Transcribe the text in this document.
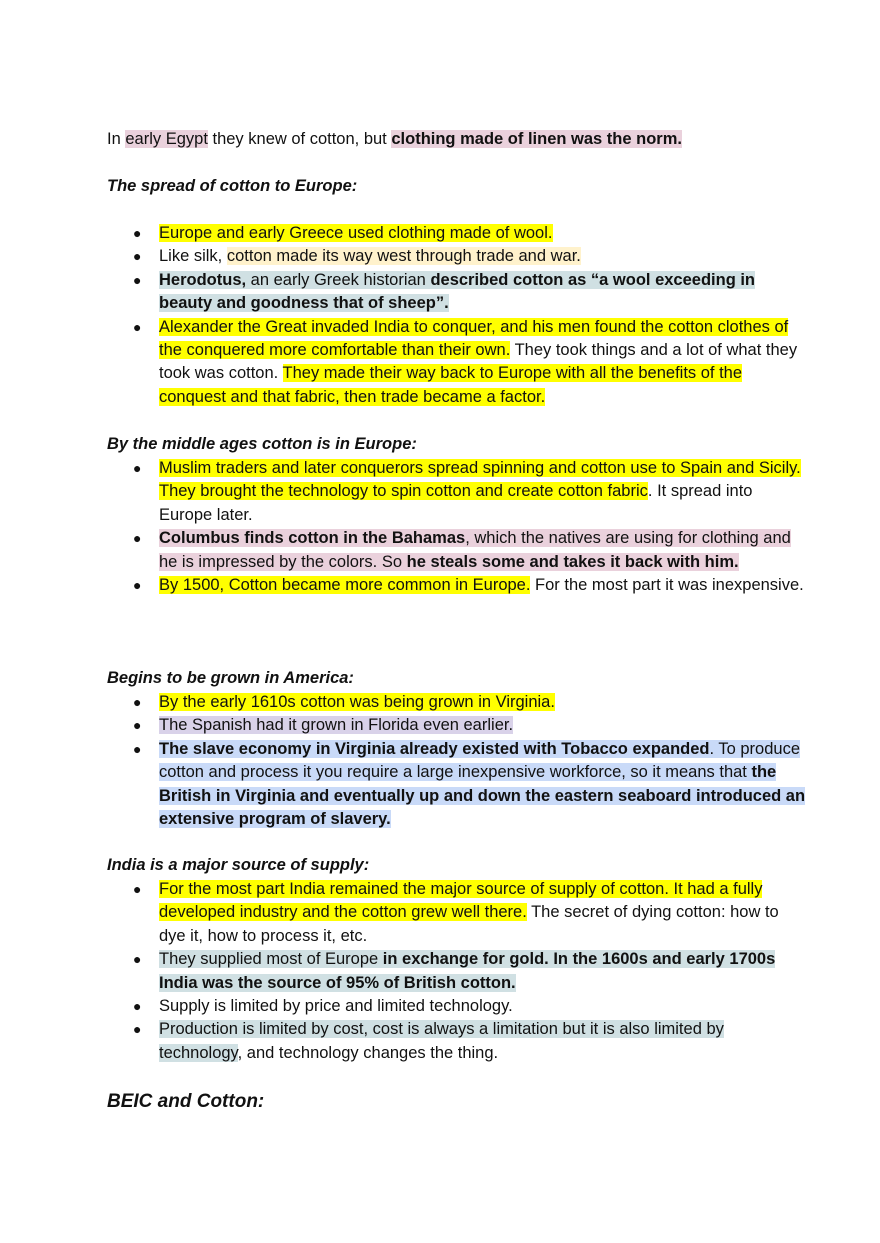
In early Egypt they knew of cotton, but clothing made of linen was the norm.

The spread of cotton to Europe:

● Europe and early Greece used clothing made of wool.
● Like silk, cotton made its way west through trade and war.
● Herodotus, an early Greek historian described cotton as “a wool exceeding in beauty and goodness that of sheep”.
● Alexander the Great invaded India to conquer, and his men found the cotton clothes of the conquered more comfortable than their own. They took things and a lot of what they took was cotton. They made their way back to Europe with all the benefits of the conquest and that fabric, then trade became a factor.

By the middle ages cotton is in Europe:

● Muslim traders and later conquerors spread spinning and cotton use to Spain and Sicily. They brought the technology to spin cotton and create cotton fabric. It spread into Europe later.
● Columbus finds cotton in the Bahamas, which the natives are using for clothing and he is impressed by the colors. So he steals some and takes it back with him.
● By 1500, Cotton became more common in Europe. For the most part it was inexpensive.

Begins to be grown in America:

● By the early 1610s cotton was being grown in Virginia.
● The Spanish had it grown in Florida even earlier.
● The slave economy in Virginia already existed with Tobacco expanded. To produce cotton and process it you require a large inexpensive workforce, so it means that the British in Virginia and eventually up and down the eastern seaboard introduced an extensive program of slavery.

India is a major source of supply:

● For the most part India remained the major source of supply of cotton. It had a fully developed industry and the cotton grew well there. The secret of dying cotton: how to dye it, how to process it, etc.
● They supplied most of Europe in exchange for gold. In the 1600s and early 1700s India was the source of 95% of British cotton.
● Supply is limited by price and limited technology.
● Production is limited by cost, cost is always a limitation but it is also limited by technology, and technology changes the thing.

BEIC and Cotton:
